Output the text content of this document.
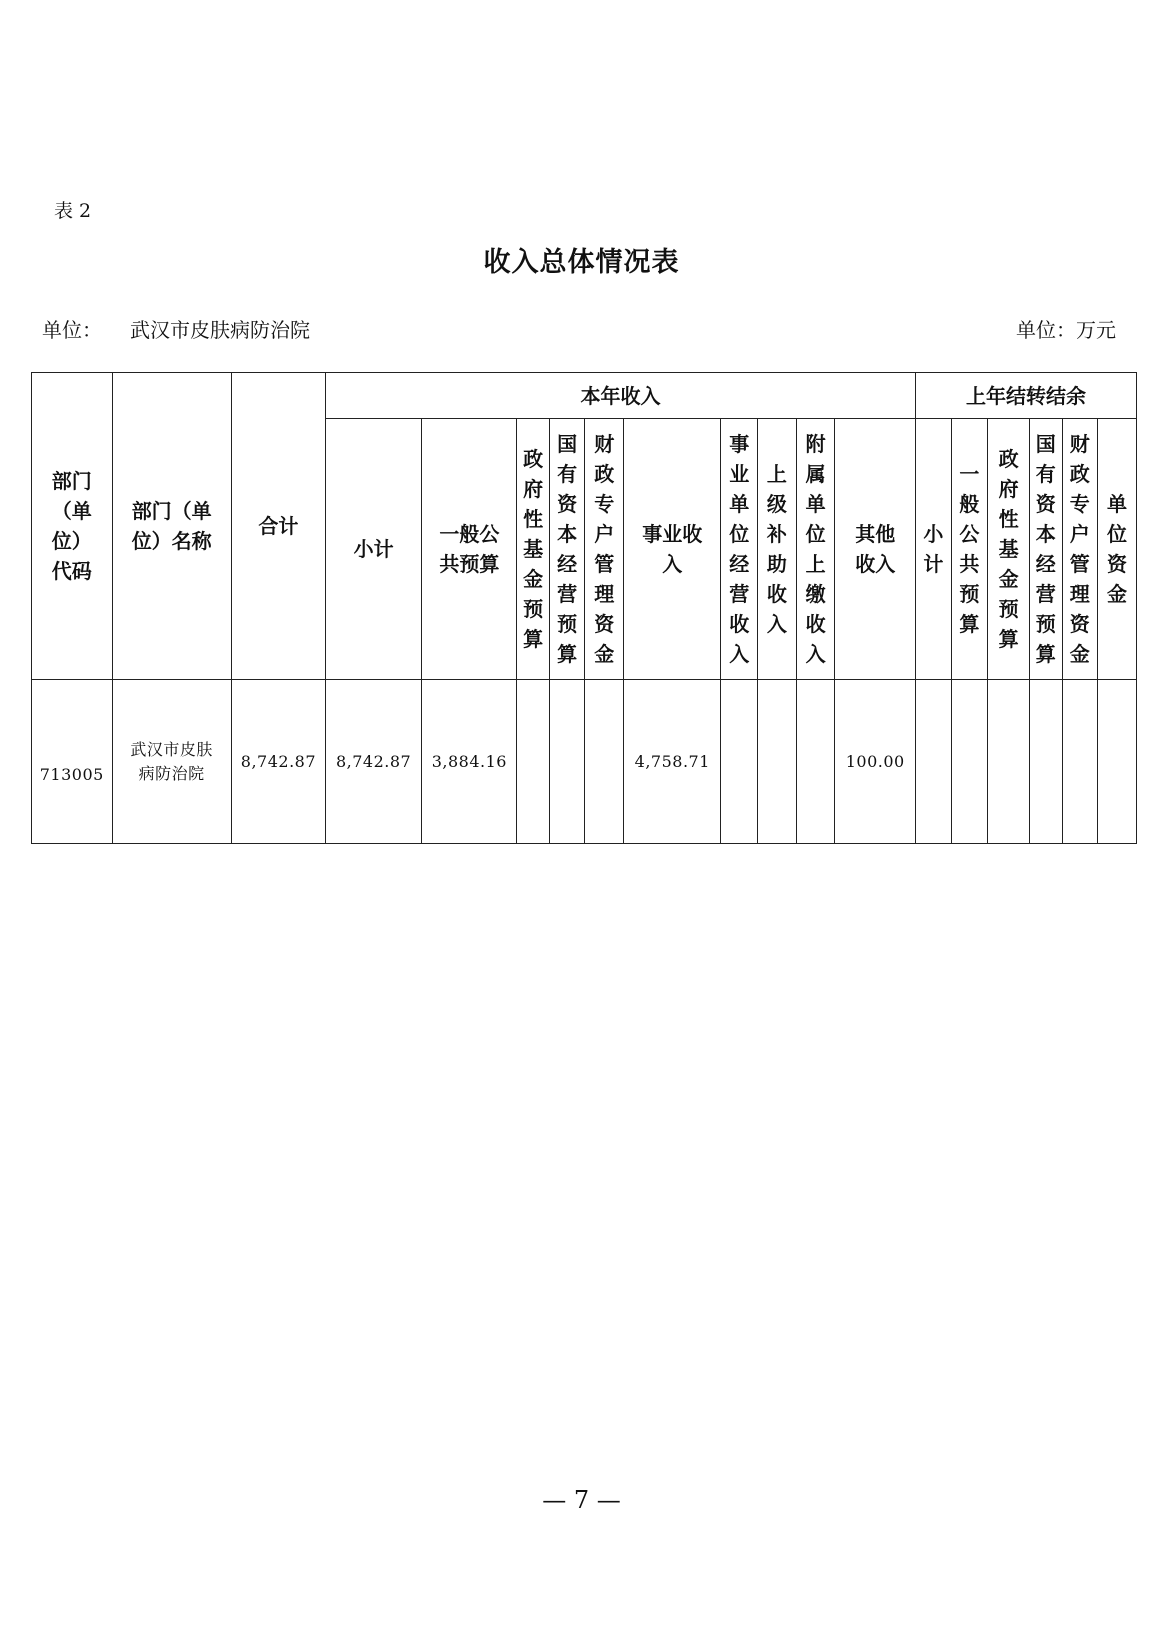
表 2
收入总体情况表
单位： 武汉市皮肤病防治院	单位：万元
部门（单位）代码	部门（单位）名称	合计	本年收入										上年结转结余					
			小计	一般公共预算	政府性基金预算	国有资本经营预算	财政专户管理资金	事业收入	事业单位经营收入	上级补助收入	附属单位上缴收入	其他收入	小计	一般公共预算	政府性基金预算	国有资本经营预算	财政专户管理资金	单位资金
713005	武汉市皮肤病防治院	8,742.87	8,742.87	3,884.16				4,758.71				100.00						
— 7 —
